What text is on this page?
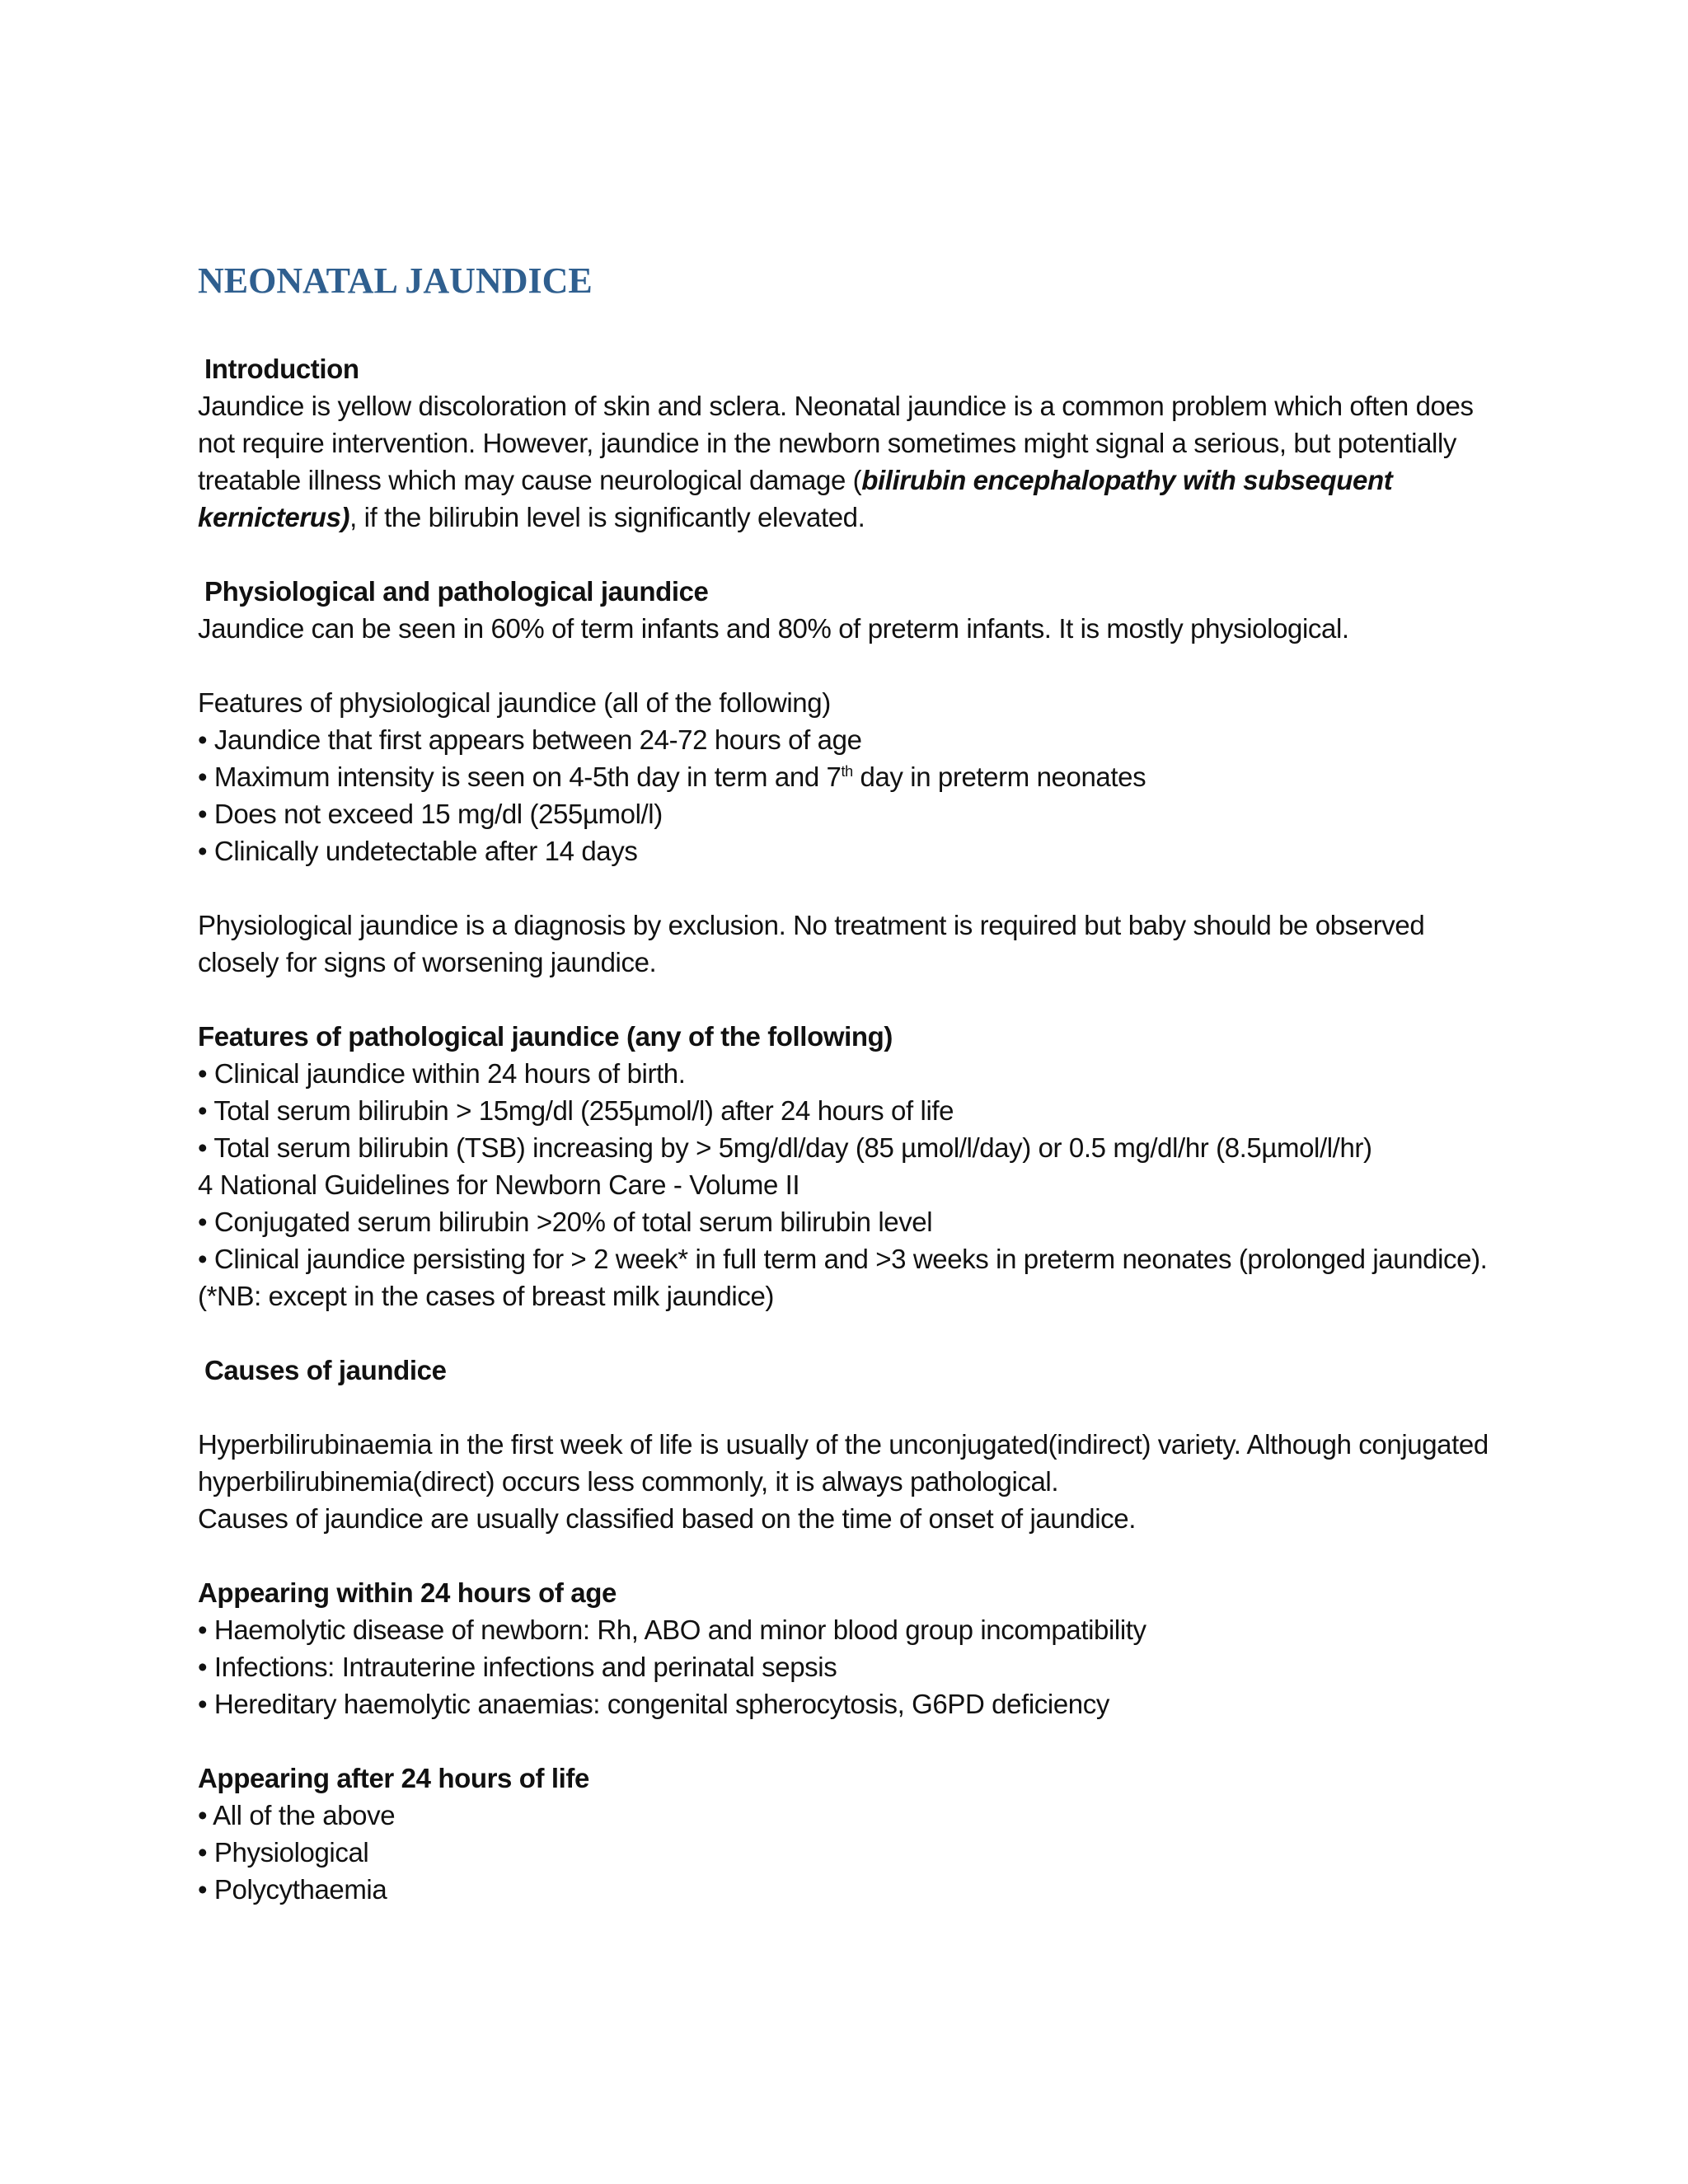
NEONATAL JAUNDICE

Introduction

Jaundice is yellow discoloration of skin and sclera. Neonatal jaundice is a common problem which often does not require intervention. However, jaundice in the newborn sometimes might signal a serious, but potentially treatable illness which may cause neurological damage (bilirubin encephalopathy with subsequent kernicterus), if the bilirubin level is significantly elevated.

Physiological and pathological jaundice

Jaundice can be seen in 60% of term infants and 80% of preterm infants. It is mostly physiological.

Features of physiological jaundice (all of the following)

• Jaundice that first appears between 24-72 hours of age

• Maximum intensity is seen on 4-5th day in term and 7th day in preterm neonates

• Does not exceed 15 mg/dl (255µmol/l)

• Clinically undetectable after 14 days

Physiological jaundice is a diagnosis by exclusion. No treatment is required but baby should be observed closely for signs of worsening jaundice.

Features of pathological jaundice (any of the following)

• Clinical jaundice within 24 hours of birth.

• Total serum bilirubin > 15mg/dl (255µmol/l) after 24 hours of life

• Total serum bilirubin (TSB) increasing by > 5mg/dl/day (85 µmol/l/day) or 0.5 mg/dl/hr (8.5µmol/l/hr)

4 National Guidelines for Newborn Care - Volume II

• Conjugated serum bilirubin >20% of total serum bilirubin level

• Clinical jaundice persisting for > 2 week* in full term and >3 weeks in preterm neonates (prolonged jaundice). (*NB: except in the cases of breast milk jaundice)

Causes of jaundice

Hyperbilirubinaemia in the first week of life is usually of the unconjugated(indirect) variety. Although conjugated hyperbilirubinemia(direct) occurs less commonly, it is always pathological.

Causes of jaundice are usually classified based on the time of onset of jaundice.

Appearing within 24 hours of age

• Haemolytic disease of newborn: Rh, ABO and minor blood group incompatibility

• Infections: Intrauterine infections and perinatal sepsis

• Hereditary haemolytic anaemias: congenital spherocytosis, G6PD deficiency

Appearing after 24 hours of life

• All of the above

• Physiological

• Polycythaemia
